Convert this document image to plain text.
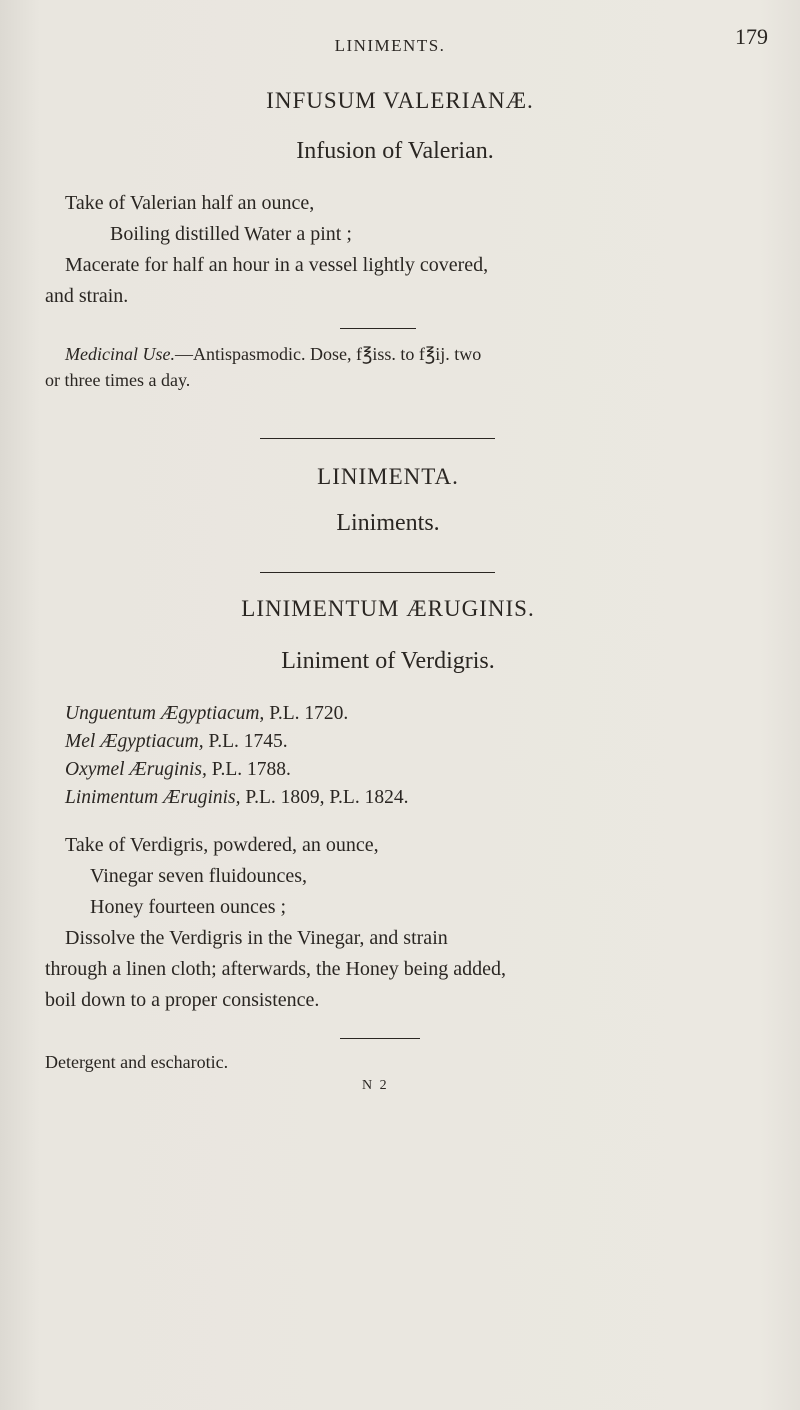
LINIMENTS.	179
INFUSUM VALERIANÆ.
Infusion of Valerian.
Take of Valerian half an ounce,
Boiling distilled Water a pint ;
Macerate for half an hour in a vessel lightly covered,
and strain.
Medicinal Use.—Antispasmodic. Dose, f℥iss. to f℥ij. two
or three times a day.
LINIMENTA.
Liniments.
LINIMENTUM ÆRUGINIS.
Liniment of Verdigris.
Unguentum Ægyptiacum, P.L. 1720.
Mel Ægyptiacum, P.L. 1745.
Oxymel Æruginis, P.L. 1788.
Linimentum Æruginis, P.L. 1809, P.L. 1824.
Take of Verdigris, powdered, an ounce,
Vinegar seven fluidounces,
Honey fourteen ounces ;
Dissolve the Verdigris in the Vinegar, and strain
through a linen cloth; afterwards, the Honey being added,
boil down to a proper consistence.
Detergent and escharotic.
N 2
